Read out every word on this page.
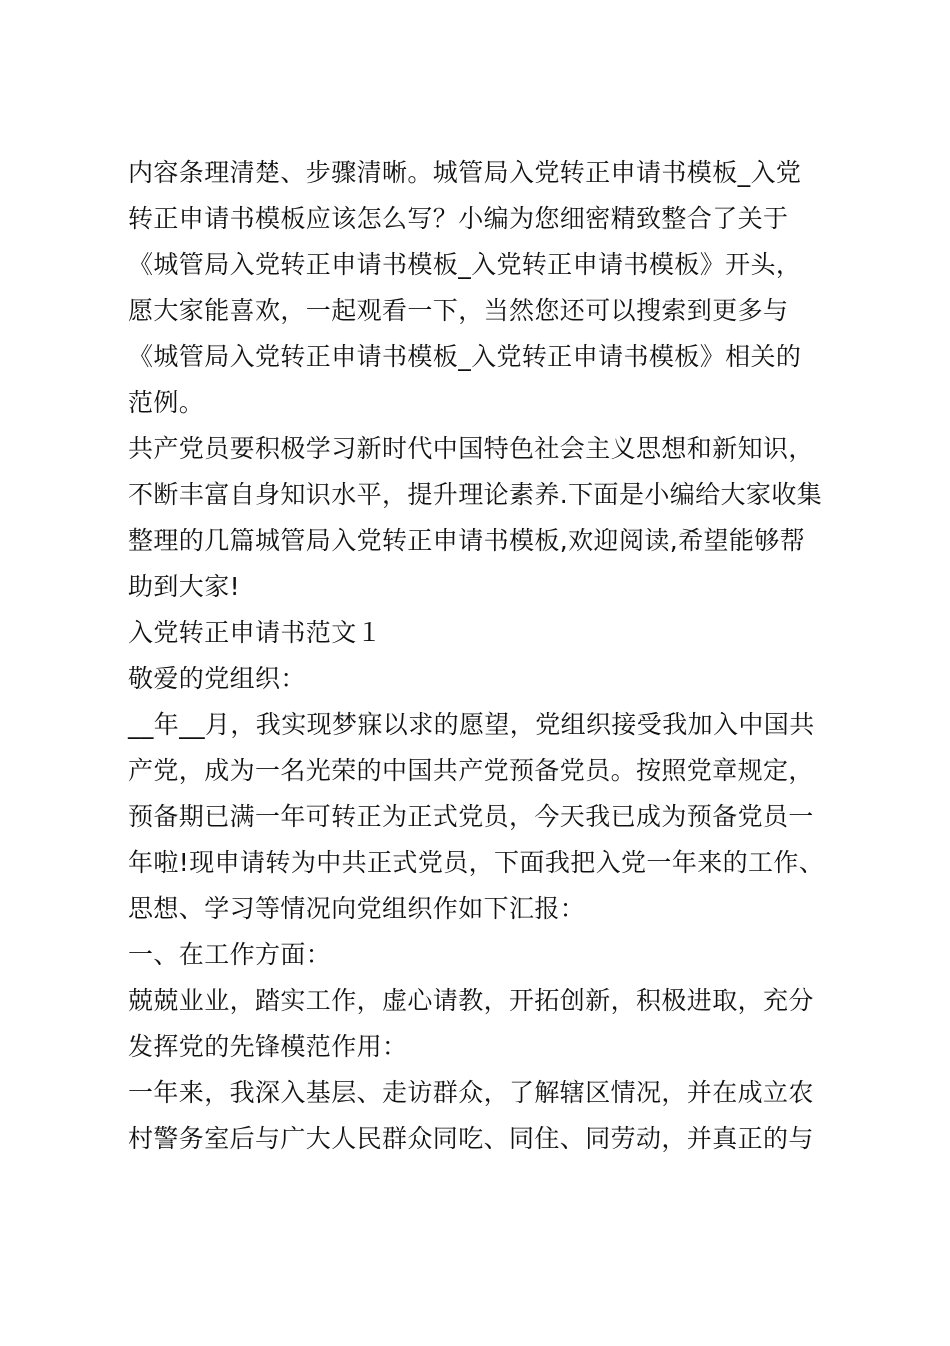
内容条理清楚、步骤清晰。城管局入党转正申请书模板_入党
转正申请书模板应该怎么写？小编为您细密精致整合了关于
《城管局入党转正申请书模板_入党转正申请书模板》开头，
愿大家能喜欢，一起观看一下，当然您还可以搜索到更多与
《城管局入党转正申请书模板_入党转正申请书模板》相关的
范例。
共产党员要积极学习新时代中国特色社会主义思想和新知识，
不断丰富自身知识水平，提升理论素养.下面是小编给大家收集
整理的几篇城管局入党转正申请书模板,欢迎阅读,希望能够帮
助到大家!
入党转正申请书范文１
敬爱的党组织：
__年__月，我实现梦寐以求的愿望，党组织接受我加入中国共
产党，成为一名光荣的中国共产党预备党员。按照党章规定，
预备期已满一年可转正为正式党员，今天我已成为预备党员一
年啦!现申请转为中共正式党员，下面我把入党一年来的工作、
思想、学习等情况向党组织作如下汇报：
一、在工作方面：
兢兢业业，踏实工作，虚心请教，开拓创新，积极进取，充分
发挥党的先锋模范作用：
一年来，我深入基层、走访群众，了解辖区情况，并在成立农
村警务室后与广大人民群众同吃、同住、同劳动，并真正的与
